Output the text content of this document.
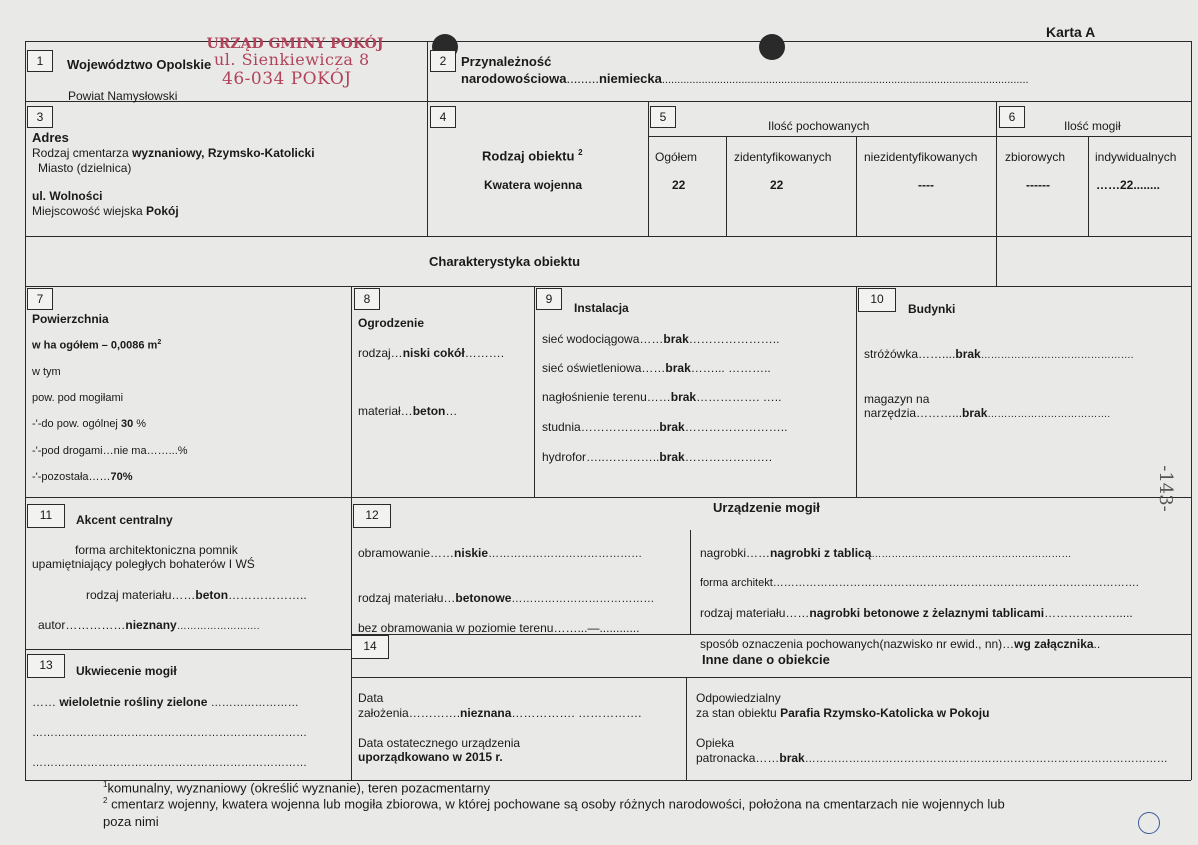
Karta A
URZĄD GMINY POKÓJ
ul. Sienkiewicza 8
46-034 POKÓJ
1	Województwo Opolskie
Powiat Namysłowski
2	Przynależność
narodowościowa.........niemiecka........................................................................................................................
3
Adres
Rodzaj cmentarza wyznaniowy, Rzymsko-Katolicki
Miasto (dzielnica)
ul. Wolności
Miejscowość wiejska Pokój
4
Rodzaj obiektu $^2$
Kwatera wojenna
5
Ilość pochowanych
Ogółem	zidentyfikowanych	niezidentyfikowanych
22	22	----
6
Ilość mogił
zbiorowych indywidualnych
------	……22........
Charakterystyka obiektu
7
Powierzchnia
w ha ogółem – 0,0086 $m^2$
w tym
pow. pod mogiłami
-'-do pow. ogólnej 30 %
-'-pod drogami…nie ma……...%
-'-pozostała……70%
8
Ogrodzenie
rodzaj…niski cokół……….
materiał…beton…
9
Instalacja
sieć wodociągowa……brak…………………..
sieć oświetleniowa……brak……... ………..
nagłośnienie terenu……brak……………. …..
studnia………………..brak……………………..
hydrofor…..…………..brak………………….
10
Budynki
stróżówka……....brak……………………………………….
magazyn na
narzędzia………...brak……………………………….
-143-
11	Akcent centralny
forma architektoniczna pomnik
upamiętniający poległych bohaterów I WŚ
rodzaj materiału……beton………………..
autor……………nieznany…………………….
12	Urządzenie mogił
obramowanie……niskie……………………………………
rodzaj materiału…betonowe…………………………………
bez obramowania w poziomie terenu……...—............
nagrobki……nagrobki z tablicą……………………………………………………
forma architekt……………………………………………………………………………………….
rodzaj materiału……nagrobki betonowe z żelaznymi tablicami……………….....
sposób oznaczenia pochowanych(nazwisko nr ewid., nn)…wg załącznika..
13	Ukwiecenie mogił
…… wieloletnie rośliny zielone ……………………
…………………………………………………………………
…………………………………………………………………
14
Inne dane o obiekcie
Data
założenia………….nieznana……………. …………….
Data ostatecznego urządzenia
uporządkowano w 2015 r.
Odpowiedzialny
za stan obiektu Parafia Rzymsko-Katolicka w Pokoju
Opieka
patronacka……brak………………………………………………………………………………………
$^1$komunalny, wyznaniowy (określić wyznanie), teren pozacmentarny
$^2$ cmentarz wojenny, kwatera wojenna lub mogiła zbiorowa, w której pochowane są osoby różnych narodowości, położona na cmentarzach nie wojennych lub
poza nimi
